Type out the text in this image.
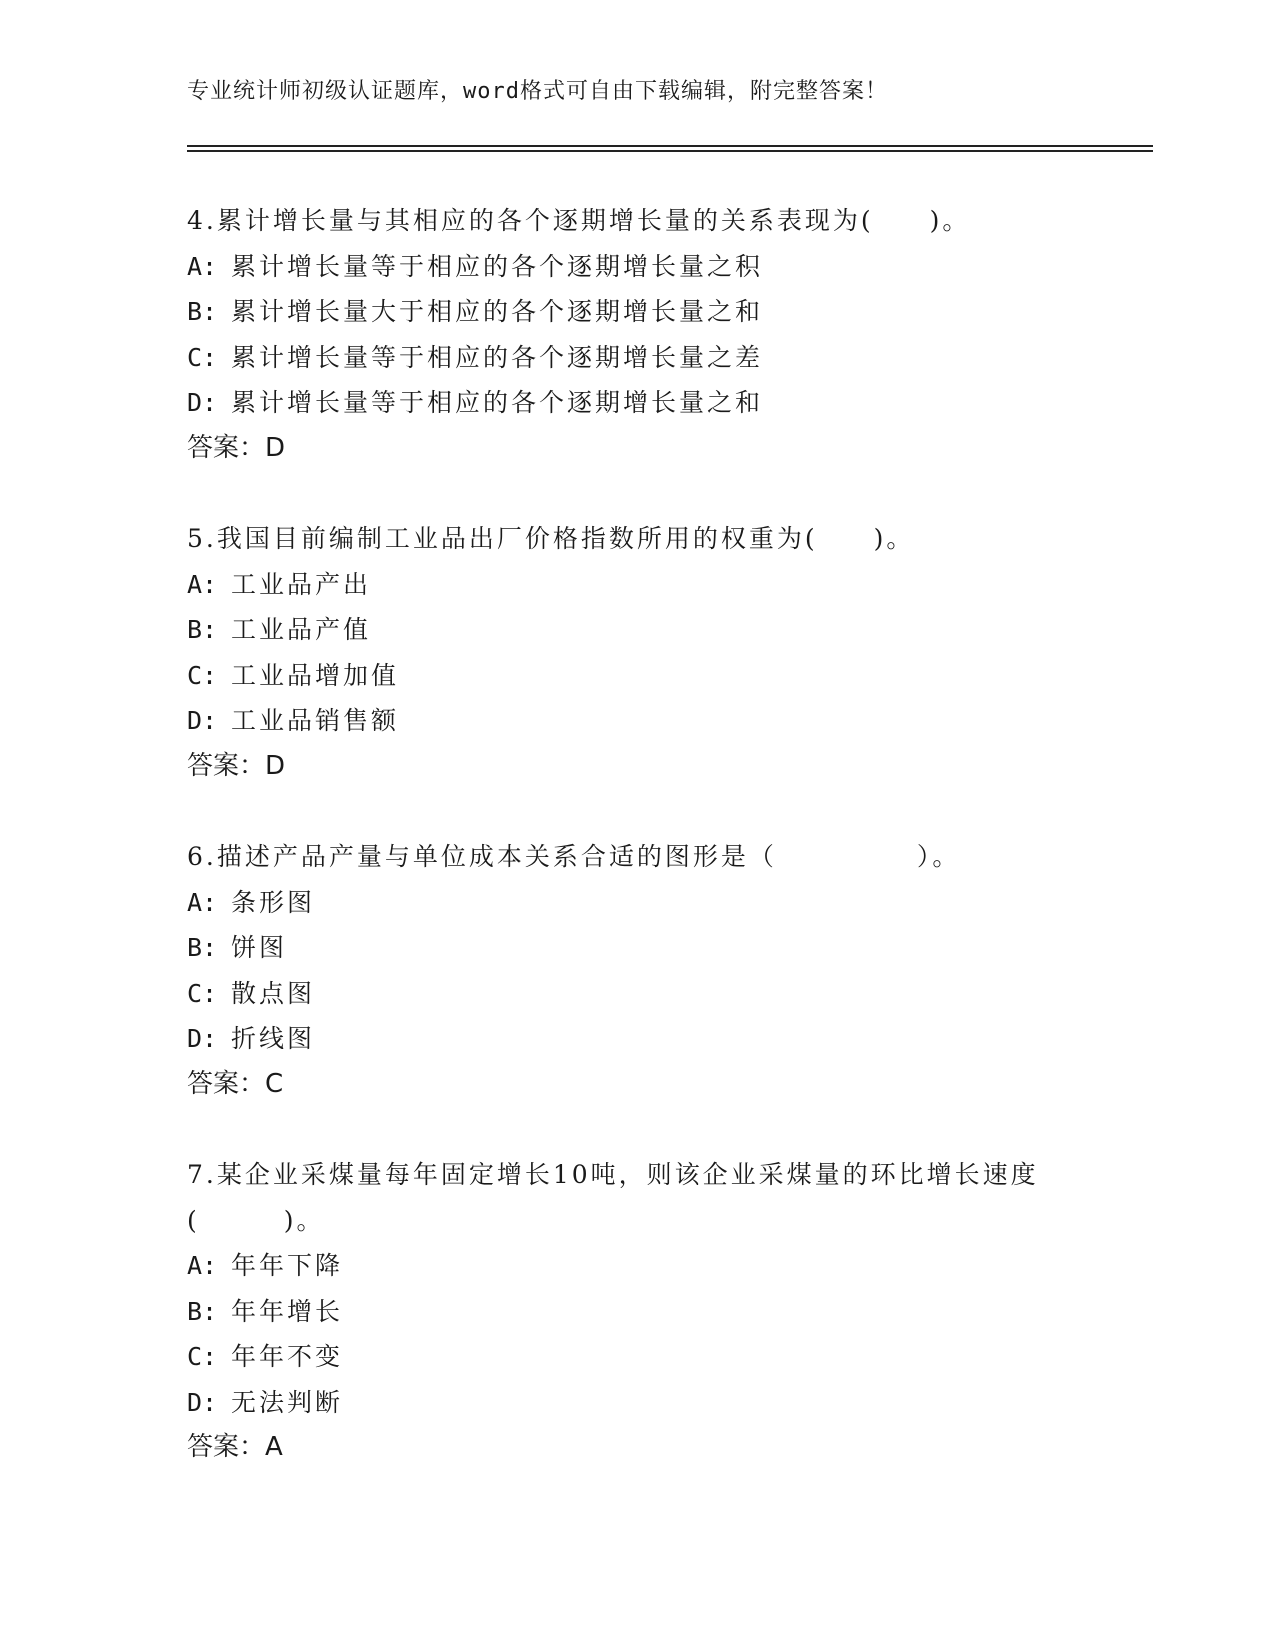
专业统计师初级认证题库，word格式可自由下载编辑，附完整答案！
4.累计增长量与其相应的各个逐期增长量的关系表现为(　　)。
A: 累计增长量等于相应的各个逐期增长量之积
B: 累计增长量大于相应的各个逐期增长量之和
C: 累计增长量等于相应的各个逐期增长量之差
D: 累计增长量等于相应的各个逐期增长量之和
答案：D
5.我国目前编制工业品出厂价格指数所用的权重为(　　)。
A: 工业品产出
B: 工业品产值
C: 工业品增加值
D: 工业品销售额
答案：D
6.描述产品产量与单位成本关系合适的图形是（　　　　　）。
A: 条形图
B: 饼图
C: 散点图
D: 折线图
答案：C
7.某企业采煤量每年固定增长10吨，则该企业采煤量的环比增长速度(　　　)。
A: 年年下降
B: 年年增长
C: 年年不变
D: 无法判断
答案：A
